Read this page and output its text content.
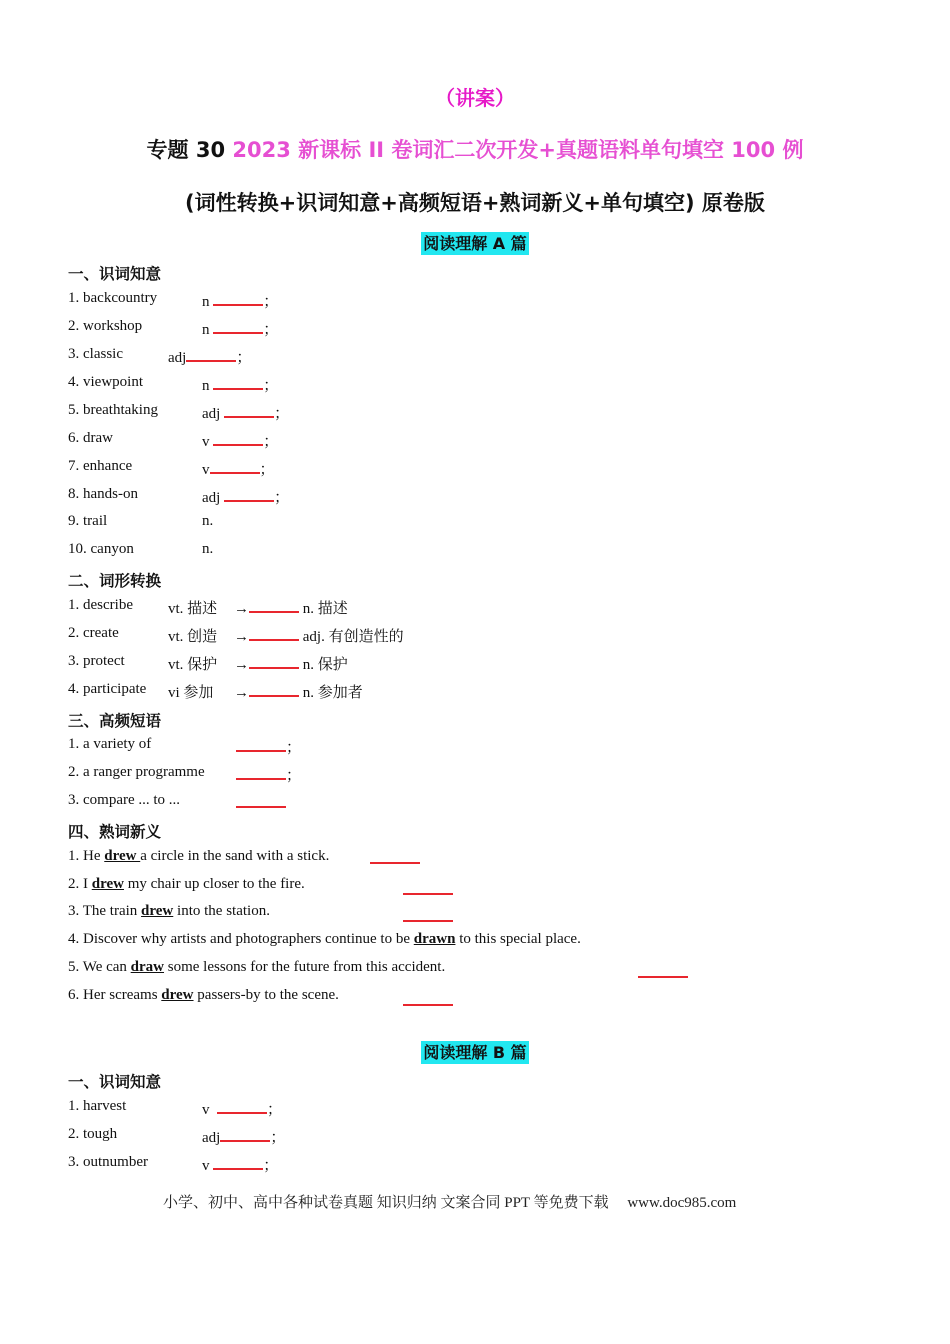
（讲案）
专题 30 2023 新课标 II 卷词汇二次开发+真题语料单句填空 100 例
(词性转换+识词知意+高频短语+熟词新义+单句填空) 原卷版
阅读理解 A 篇
一、识词知意
1. backcountry	n	；
2. workshop	n	；
3. classic	adj	；
4. viewpoint	n	；
5. breathtaking	adj	；
6. draw	v	；
7. enhance	v	；
8. hands-on	adj	；
9. trail	n.
10. canyon	n.
二、词形转换
1. describe vt. 描述 →	n. 描述
2. create	vt. 创造 →	adj. 有创造性的
3. protect	vt. 保护 →	n. 保护
4. participate vi 参加 →	n. 参加者
三、高频短语
1. a variety of	；
2. a ranger programme	；
3. compare ... to ...
四、熟词新义
1. He drew a circle in the sand with a stick.
2. I drew my chair up closer to the fire.
3. The train drew into the station.
4. Discover why artists and photographers continue to be drawn to this special place.
5. We can draw some lessons for the future from this accident.
6. Her screams drew passers-by to the scene.
阅读理解 B 篇
一、识词知意
1. harvest	v	；
2. tough	adj	；
3. outnumber	v	；
小学、初中、高中各种试卷真题 知识归纳 文案合同 PPT 等免费下载 www.doc985.com
